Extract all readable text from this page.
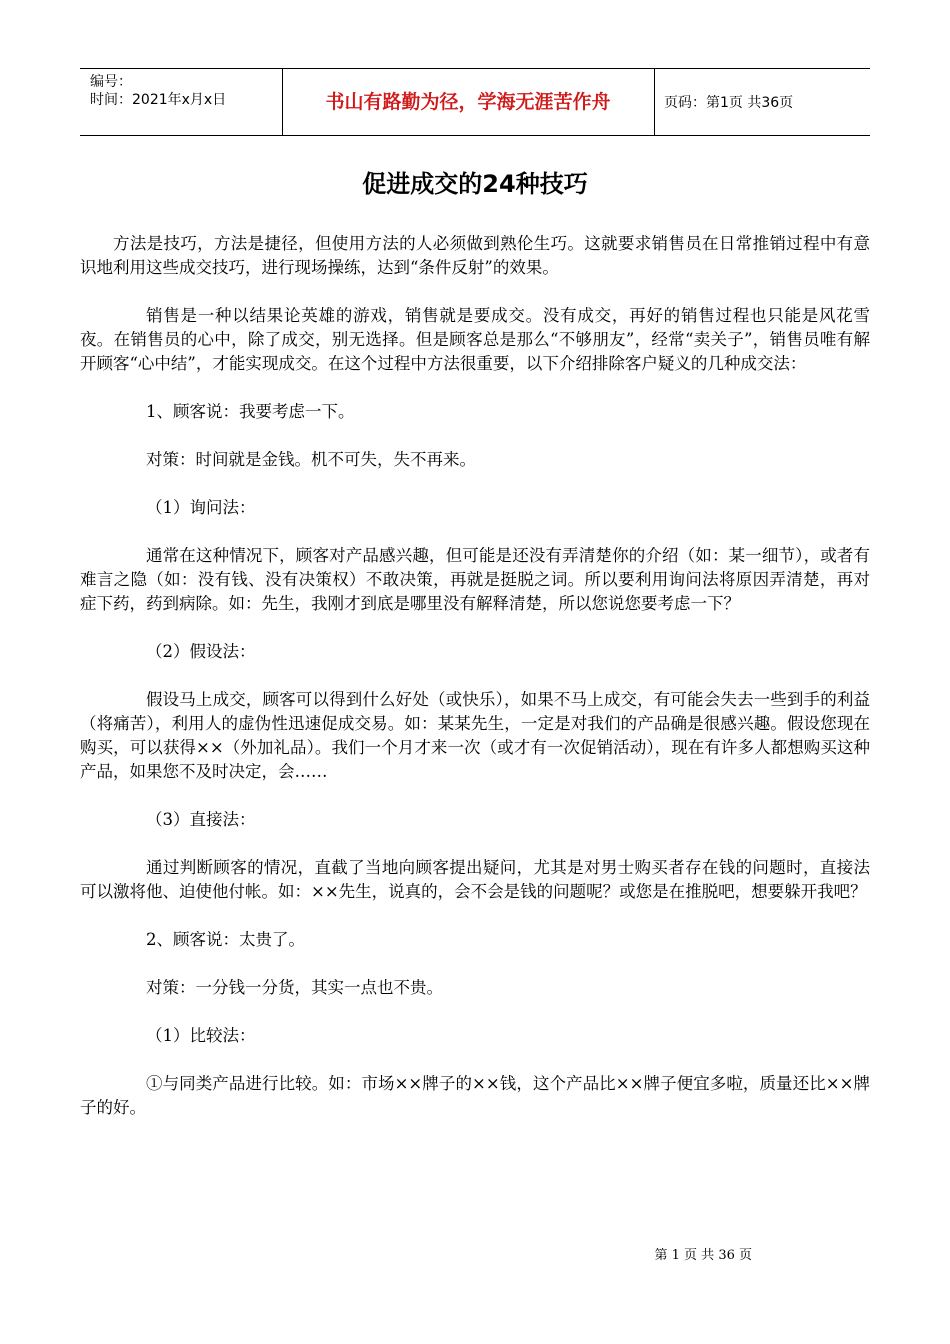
编号：
时间：2021年x月x日	书山有路勤为径，学海无涯苦作舟	页码：第1页 共36页
促进成交的24种技巧

方法是技巧，方法是捷径，但使用方法的人必须做到熟伦生巧。这就要求销售员在日常推销过程中有意识地利用这些成交技巧，进行现场操练，达到“条件反射”的效果。

销售是一种以结果论英雄的游戏，销售就是要成交。没有成交，再好的销售过程也只能是风花雪夜。在销售员的心中，除了成交，别无选择。但是顾客总是那么“不够朋友”，经常“卖关子”，销售员唯有解开顾客“心中结”，才能实现成交。在这个过程中方法很重要，以下介绍排除客户疑义的几种成交法：

1、顾客说：我要考虑一下。

对策：时间就是金钱。机不可失，失不再来。

（1）询问法：

通常在这种情况下，顾客对产品感兴趣，但可能是还没有弄清楚你的介绍（如：某一细节），或者有难言之隐（如：没有钱、没有决策权）不敢决策，再就是挺脱之词。所以要利用询问法将原因弄清楚，再对症下药，药到病除。如：先生，我刚才到底是哪里没有解释清楚，所以您说您要考虑一下？

（2）假设法：

假设马上成交，顾客可以得到什么好处（或快乐），如果不马上成交，有可能会失去一些到手的利益（将痛苦），利用人的虚伪性迅速促成交易。如：某某先生，一定是对我们的产品确是很感兴趣。假设您现在购买，可以获得××（外加礼品）。我们一个月才来一次（或才有一次促销活动），现在有许多人都想购买这种产品，如果您不及时决定，会……

（3）直接法：

通过判断顾客的情况，直截了当地向顾客提出疑问，尤其是对男士购买者存在钱的问题时，直接法可以激将他、迫使他付帐。如：××先生，说真的，会不会是钱的问题呢？或您是在推脱吧，想要躲开我吧？

2、顾客说：太贵了。

对策：一分钱一分货，其实一点也不贵。

（1）比较法：

①与同类产品进行比较。如：市场××牌子的××钱，这个产品比××牌子便宜多啦，质量还比××牌子的好。

第 1 页 共 36 页
